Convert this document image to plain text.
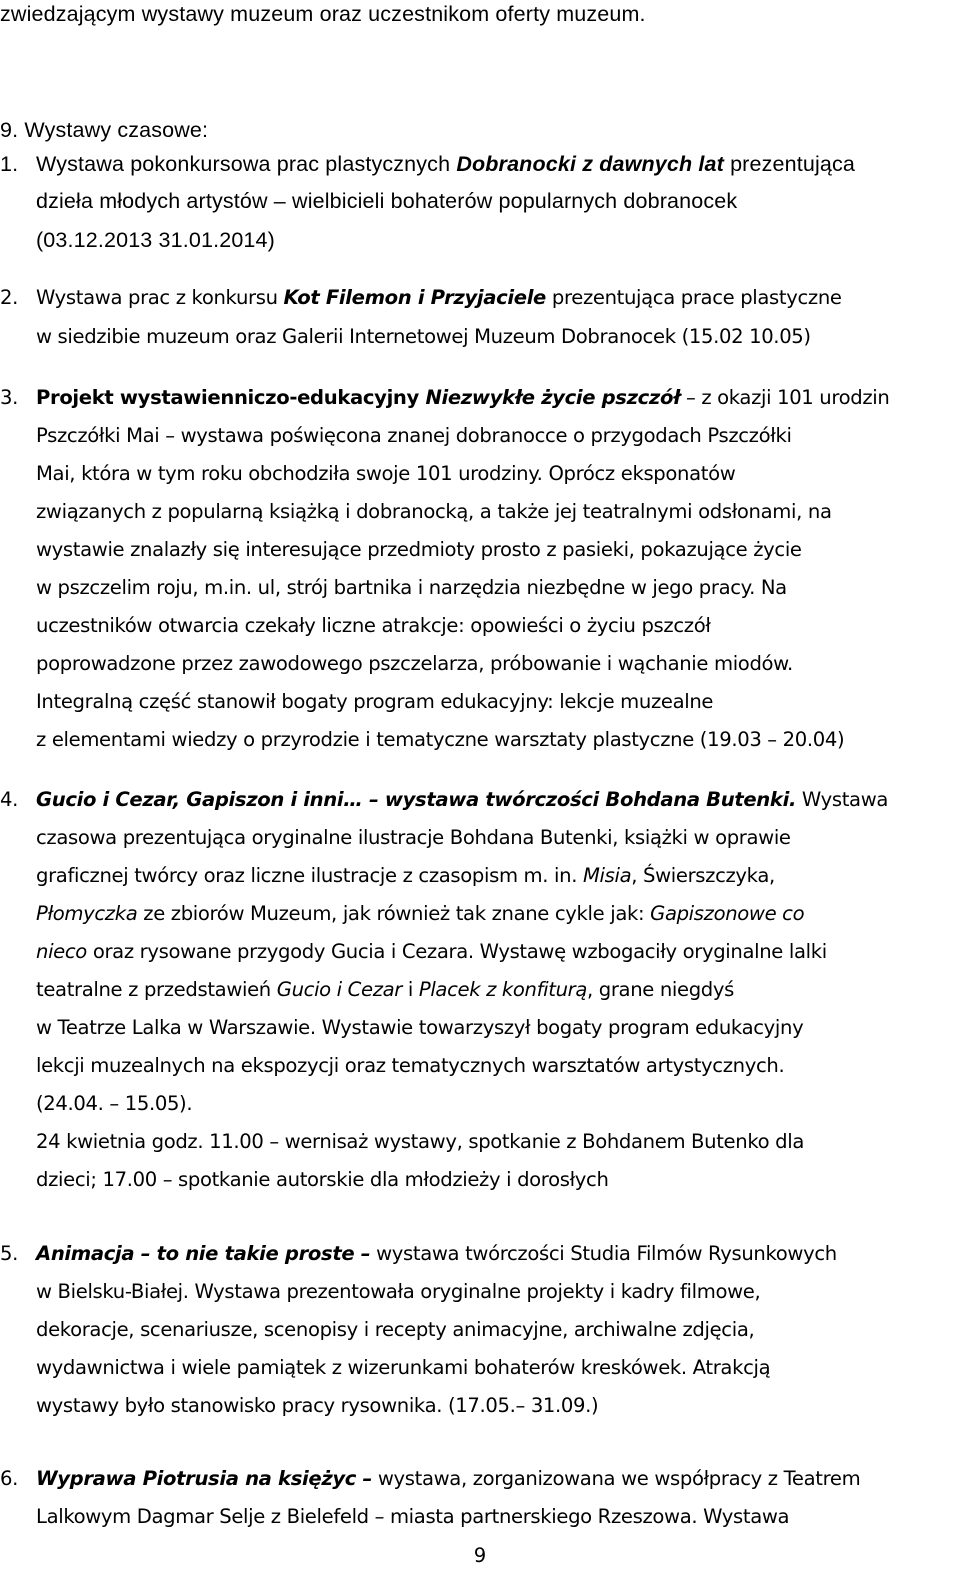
zwiedzającym wystawy muzeum oraz uczestnikom oferty muzeum.
9. Wystawy czasowe:
1. Wystawa pokonkursowa prac plastycznych Dobranocki z dawnych lat prezentująca
dzieła młodych artystów – wielbicieli bohaterów popularnych dobranocek
(03.12.2013 31.01.2014)
2. Wystawa prac z konkursu Kot Filemon i Przyjaciele prezentująca prace plastyczne
w siedzibie muzeum oraz Galerii Internetowej Muzeum Dobranocek (15.02 10.05)
3. Projekt wystawienniczo-edukacyjny Niezwykłe życie pszczół – z okazji 101 urodzin
Pszczółki Mai – wystawa poświęcona znanej dobranocce o przygodach Pszczółki
Mai, która w tym roku obchodziła swoje 101 urodziny. Oprócz eksponatów
związanych z popularną książką i dobranocką, a także jej teatralnymi odsłonami, na
wystawie znalazły się interesujące przedmioty prosto z pasieki, pokazujące życie
w pszczelim roju, m.in. ul, strój bartnika i narzędzia niezbędne w jego pracy. Na
uczestników otwarcia czekały liczne atrakcje: opowieści o życiu pszczół
poprowadzone przez zawodowego pszczelarza, próbowanie i wąchanie miodów.
Integralną część stanowił bogaty program edukacyjny: lekcje muzealne
z elementami wiedzy o przyrodzie i tematyczne warsztaty plastyczne (19.03 – 20.04)
4. Gucio i Cezar, Gapiszon i inni… – wystawa twórczości Bohdana Butenki. Wystawa
czasowa prezentująca oryginalne ilustracje Bohdana Butenki, książki w oprawie
graficznej twórcy oraz liczne ilustracje z czasopism m. in. Misia, Świerszczyka,
Płomyczka ze zbiorów Muzeum, jak również tak znane cykle jak: Gapiszonowe co
nieco oraz rysowane przygody Gucia i Cezara. Wystawę wzbogaciły oryginalne lalki
teatralne z przedstawień Gucio i Cezar i Placek z konfiturą, grane niegdyś
w Teatrze Lalka w Warszawie. Wystawie towarzyszył bogaty program edukacyjny
lekcji muzealnych na ekspozycji oraz tematycznych warsztatów artystycznych.
(24.04. – 15.05).
24 kwietnia godz. 11.00 – wernisaż wystawy, spotkanie z Bohdanem Butenko dla
dzieci; 17.00 – spotkanie autorskie dla młodzieży i dorosłych
5. Animacja – to nie takie proste – wystawa twórczości Studia Filmów Rysunkowych
w Bielsku-Białej. Wystawa prezentowała oryginalne projekty i kadry filmowe,
dekoracje, scenariusze, scenopisy i recepty animacyjne, archiwalne zdjęcia,
wydawnictwa i wiele pamiątek z wizerunkami bohaterów kreskówek. Atrakcją
wystawy było stanowisko pracy rysownika. (17.05.– 31.09.)
6. Wyprawa Piotrusia na księżyc – wystawa, zorganizowana we współpracy z Teatrem
Lalkowym Dagmar Selje z Bielefeld – miasta partnerskiego Rzeszowa. Wystawa
9
